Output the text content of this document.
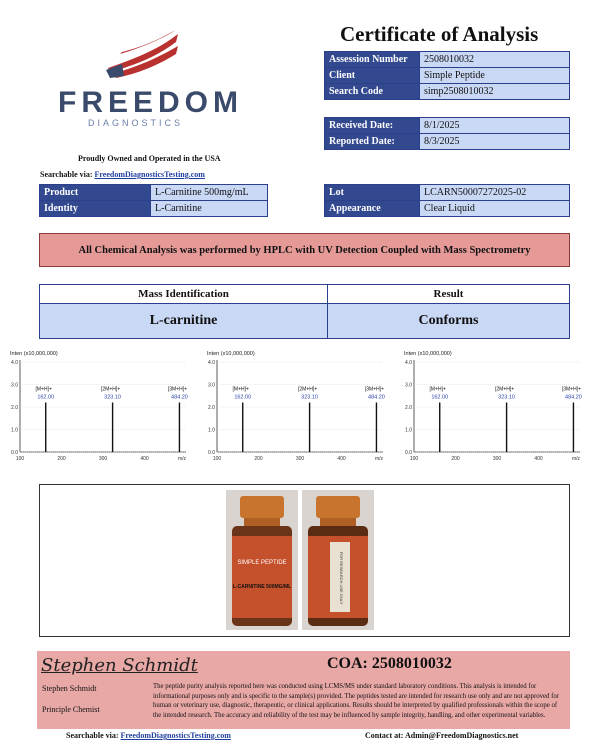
FREEDOM
DIAGNOSTICS
Proudly Owned and Operated in the USA
Searchable via: FreedomDiagnosticsTesting.com
Certificate of Analysis
Assession Number	2508010032
Client	Simple Peptide
Search Code	simp2508010032
Received Date:	8/1/2025
Reported Date:	8/3/2025
Product	L-Carnitine 500mg/mL
Identity	L-Carnitine
Lot	LCARN50007272025-02
Appearance	Clear Liquid
All Chemical Analysis was performed by HPLC with UV Detection Coupled with Mass Spectrometry
Mass Identification	Result
L-carnitine	Conforms
Inten (x10,000,000)
0.0
1.0
2.0
3.0
4.0
100	200	300	400	m/z
[M+H]+
162.00
[2M+H]+
323.10
[3M+H]+
484.20
Inten (x10,000,000)
0.0
1.0
2.0
3.0
4.0
100	200	300	400	m/z
[M+H]+
162.00
[2M+H]+
323.10
[3M+H]+
484.20
Inten (x10,000,000)
0.0
1.0
2.0
3.0
4.0
100	200	300	400	m/z
[M+H]+
162.00
[2M+H]+
323.10
[3M+H]+
484.20
SIMPLE PEPTIDE
L-CARNITINE 500MG/ML	FOR RESEARCH USE ONLY
Stephen Schmidt	COA: 2508010032
Stephen Schmidt
Principle Chemist
The peptide purity analysis reported here was conducted using LCMS/MS under standard laboratory conditions. This analysis is intended for informational purposes only and is specific to the sample(s) provided. The peptides tested are intended for research use only and are not approved for human or veterinary use, diagnostic, therapeutic, or clinical applications. Results should be interpreted by qualified professionals within the scope of the intended research. The accuracy and reliability of the test may be influenced by sample integrity, handling, and other experimental variables.
Searchable via: FreedomDiagnosticsTesting.com	Contact at: Admin@FreedomDiagnostics.net
